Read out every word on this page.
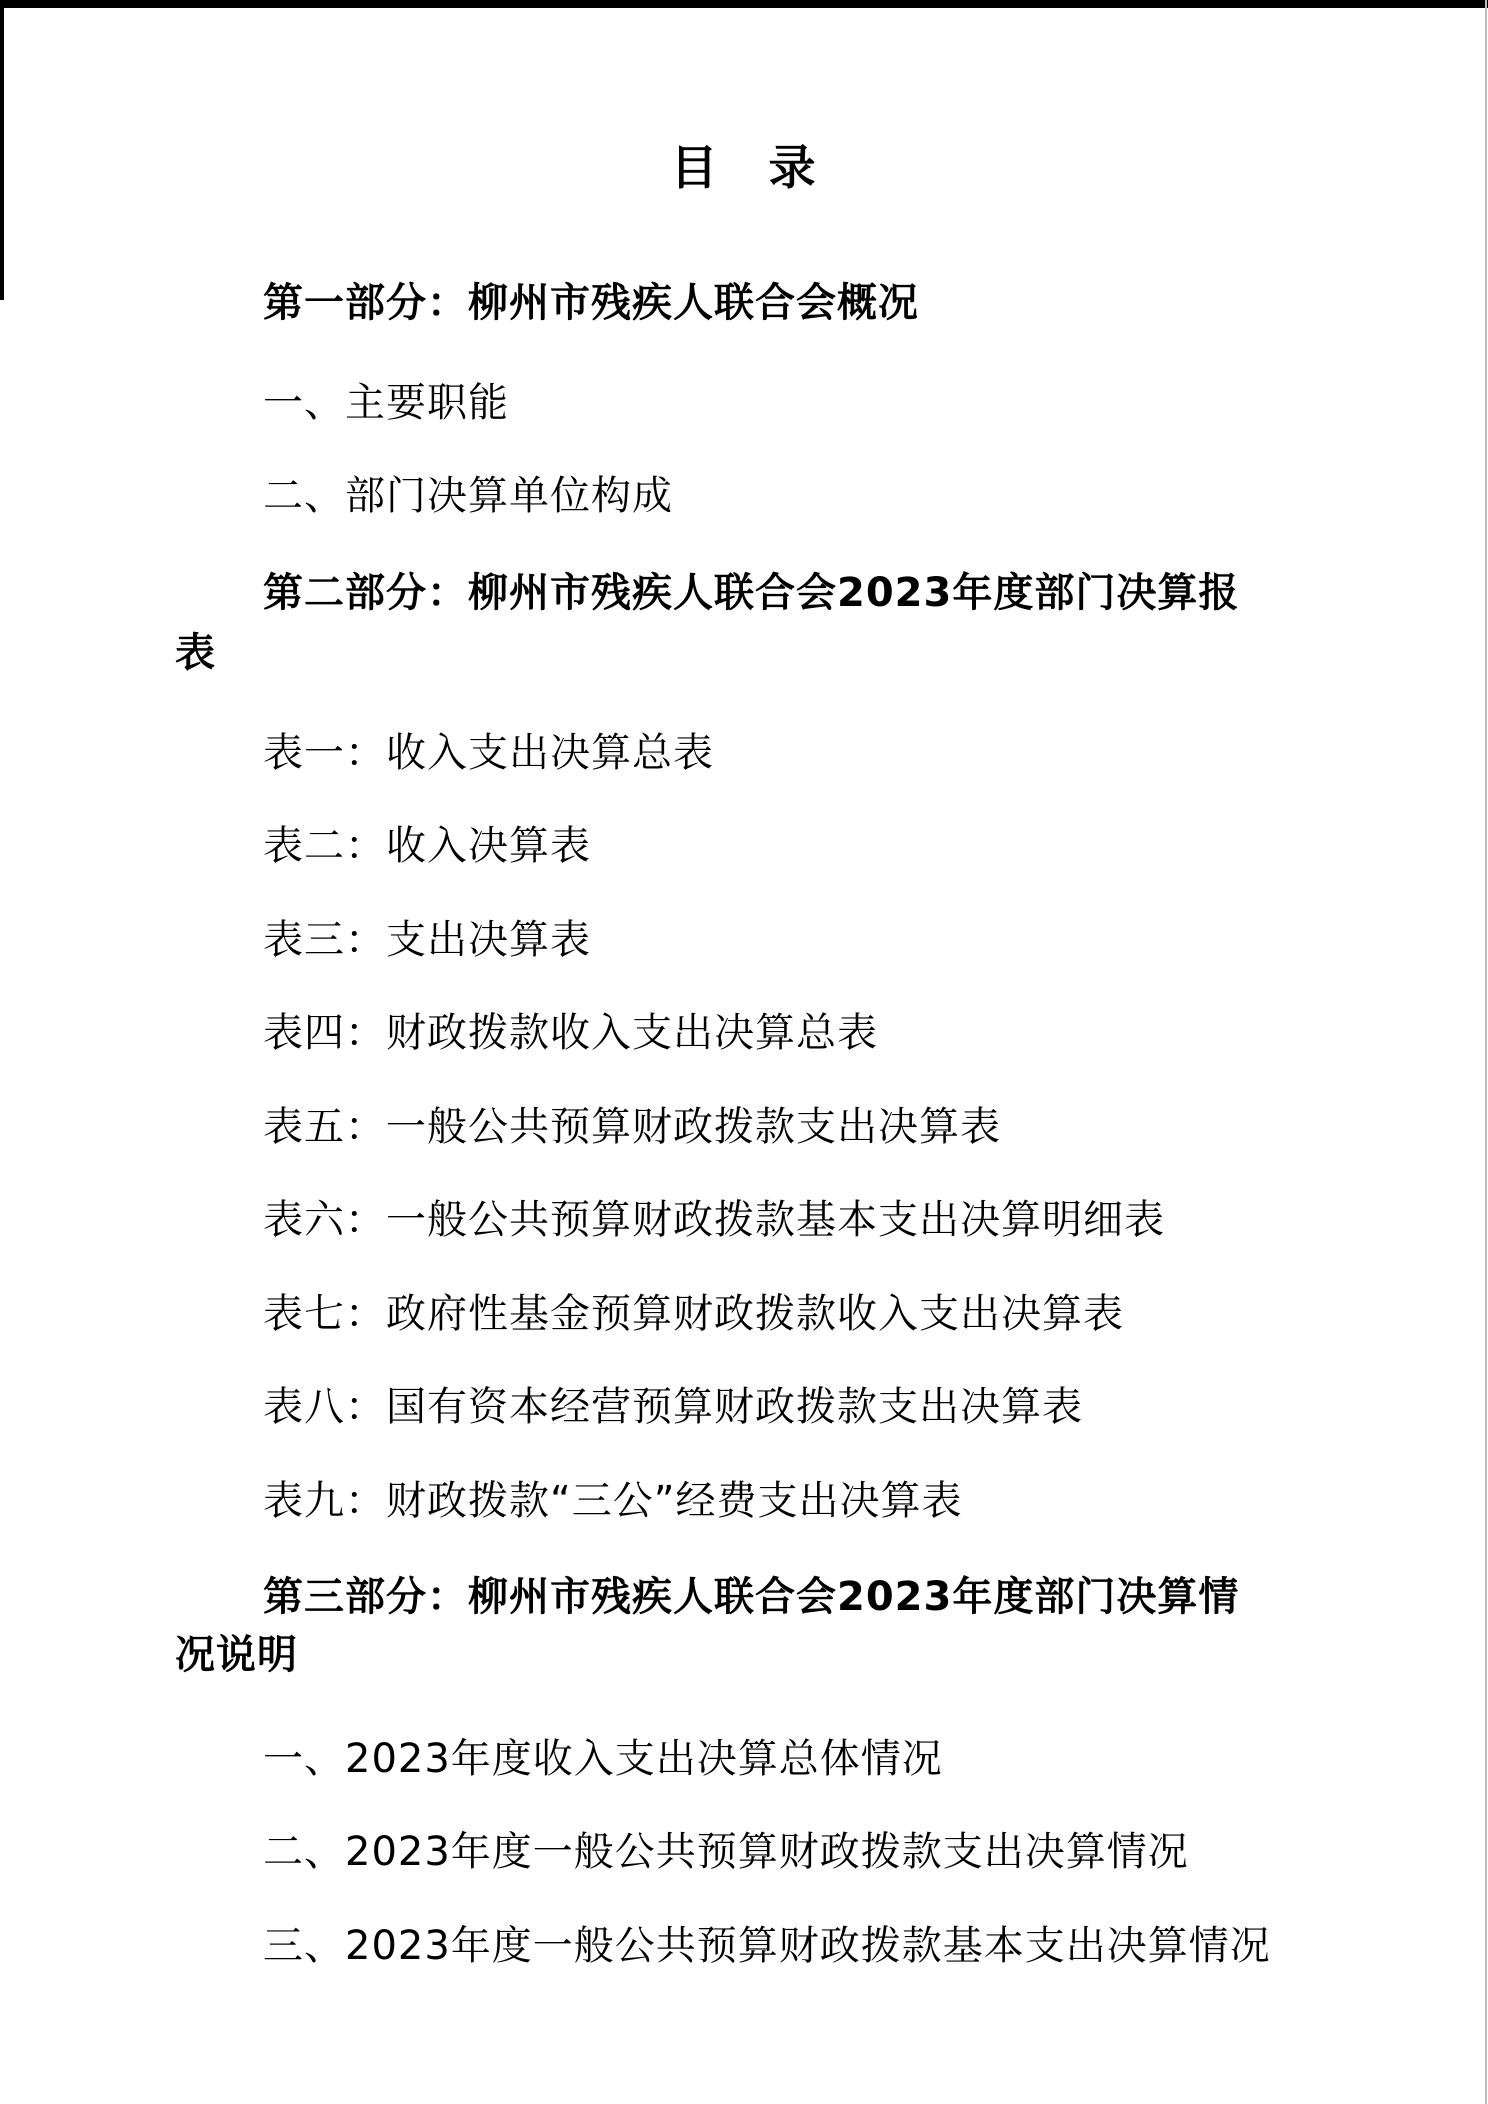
目　录
第一部分：柳州市残疾人联合会概况
一、主要职能
二、部门决算单位构成
第二部分：柳州市残疾人联合会2023年度部门决算报
表
表一：收入支出决算总表
表二：收入决算表
表三：支出决算表
表四：财政拨款收入支出决算总表
表五：一般公共预算财政拨款支出决算表
表六：一般公共预算财政拨款基本支出决算明细表
表七：政府性基金预算财政拨款收入支出决算表
表八：国有资本经营预算财政拨款支出决算表
表九：财政拨款“三公”经费支出决算表
第三部分：柳州市残疾人联合会2023年度部门决算情
况说明
一、2023年度收入支出决算总体情况
二、2023年度一般公共预算财政拨款支出决算情况
三、2023年度一般公共预算财政拨款基本支出决算情况
